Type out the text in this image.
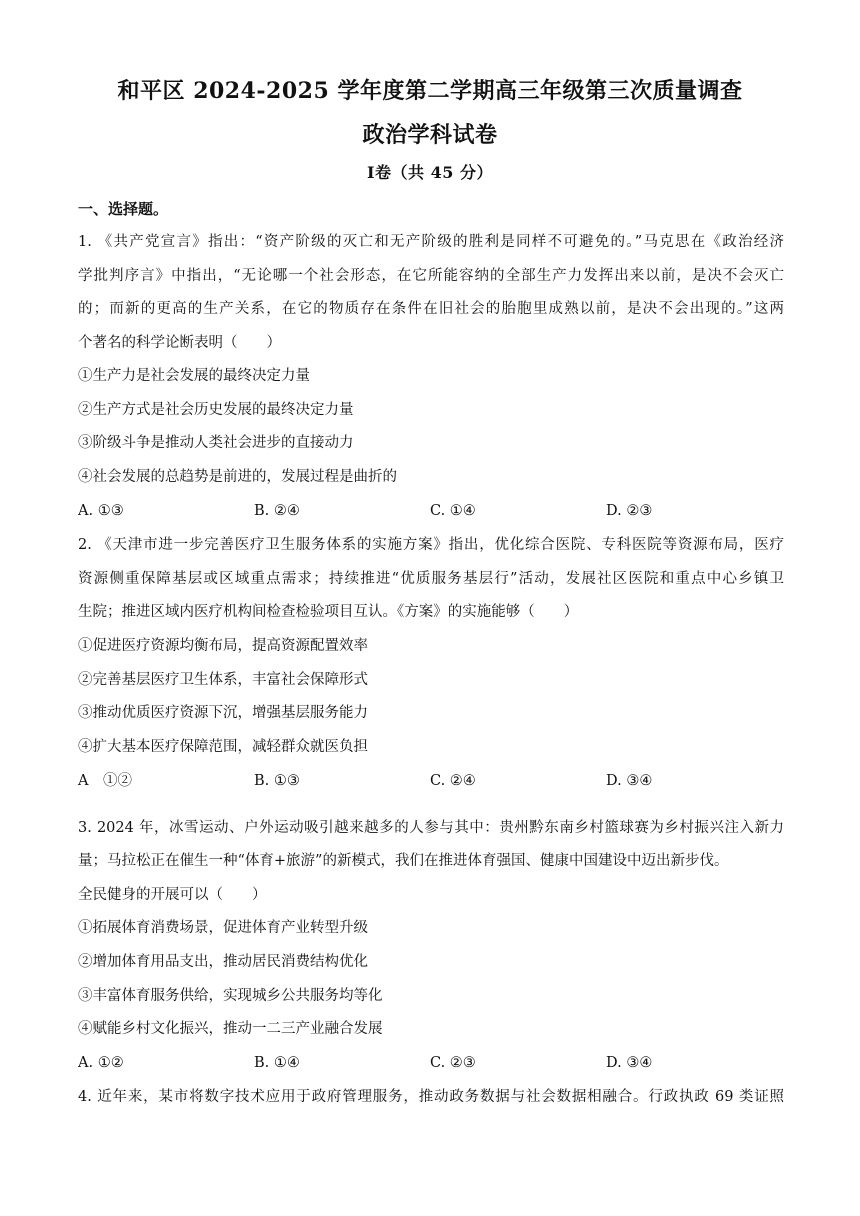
和平区 2024-2025 学年度第二学期高三年级第三次质量调查
政治学科试卷
Ⅰ卷（共 45 分）
一、选择题。
1. 《共产党宣言》指出：“资产阶级的灭亡和无产阶级的胜利是同样不可避免的。”马克思在《政治经济
学批判序言》中指出，“无论哪一个社会形态，在它所能容纳的全部生产力发挥出来以前，是决不会灭亡
的；而新的更高的生产关系，在它的物质存在条件在旧社会的胎胞里成熟以前，是决不会出现的。”这两
个著名的科学论断表明（　　）
①生产力是社会发展的最终决定力量
②生产方式是社会历史发展的最终决定力量
③阶级斗争是推动人类社会进步的直接动力
④社会发展的总趋势是前进的，发展过程是曲折的
A. ①③	B. ②④	C. ①④	D. ②③
2. 《天津市进一步完善医疗卫生服务体系的实施方案》指出，优化综合医院、专科医院等资源布局，医疗
资源侧重保障基层或区域重点需求；持续推进“优质服务基层行”活动，发展社区医院和重点中心乡镇卫
生院；推进区域内医疗机构间检查检验项目互认。《方案》的实施能够（　　）
①促进医疗资源均衡布局，提高资源配置效率
②完善基层医疗卫生体系，丰富社会保障形式
③推动优质医疗资源下沉，增强基层服务能力
④扩大基本医疗保障范围，减轻群众就医负担
A　①②	B. ①③	C. ②④	D. ③④
3. 2024 年，冰雪运动、户外运动吸引越来越多的人参与其中：贵州黔东南乡村篮球赛为乡村振兴注入新力
量；马拉松正在催生一种“体育+旅游”的新模式，我们在推进体育强国、健康中国建设中迈出新步伐。
全民健身的开展可以（　　）
①拓展体育消费场景，促进体育产业转型升级
②增加体育用品支出，推动居民消费结构优化
③丰富体育服务供给，实现城乡公共服务均等化
④赋能乡村文化振兴，推动一二三产业融合发展
A. ①②	B. ①④	C. ②③	D. ③④
4. 近年来，某市将数字技术应用于政府管理服务，推动政务数据与社会数据相融合。行政执政 69 类证照
